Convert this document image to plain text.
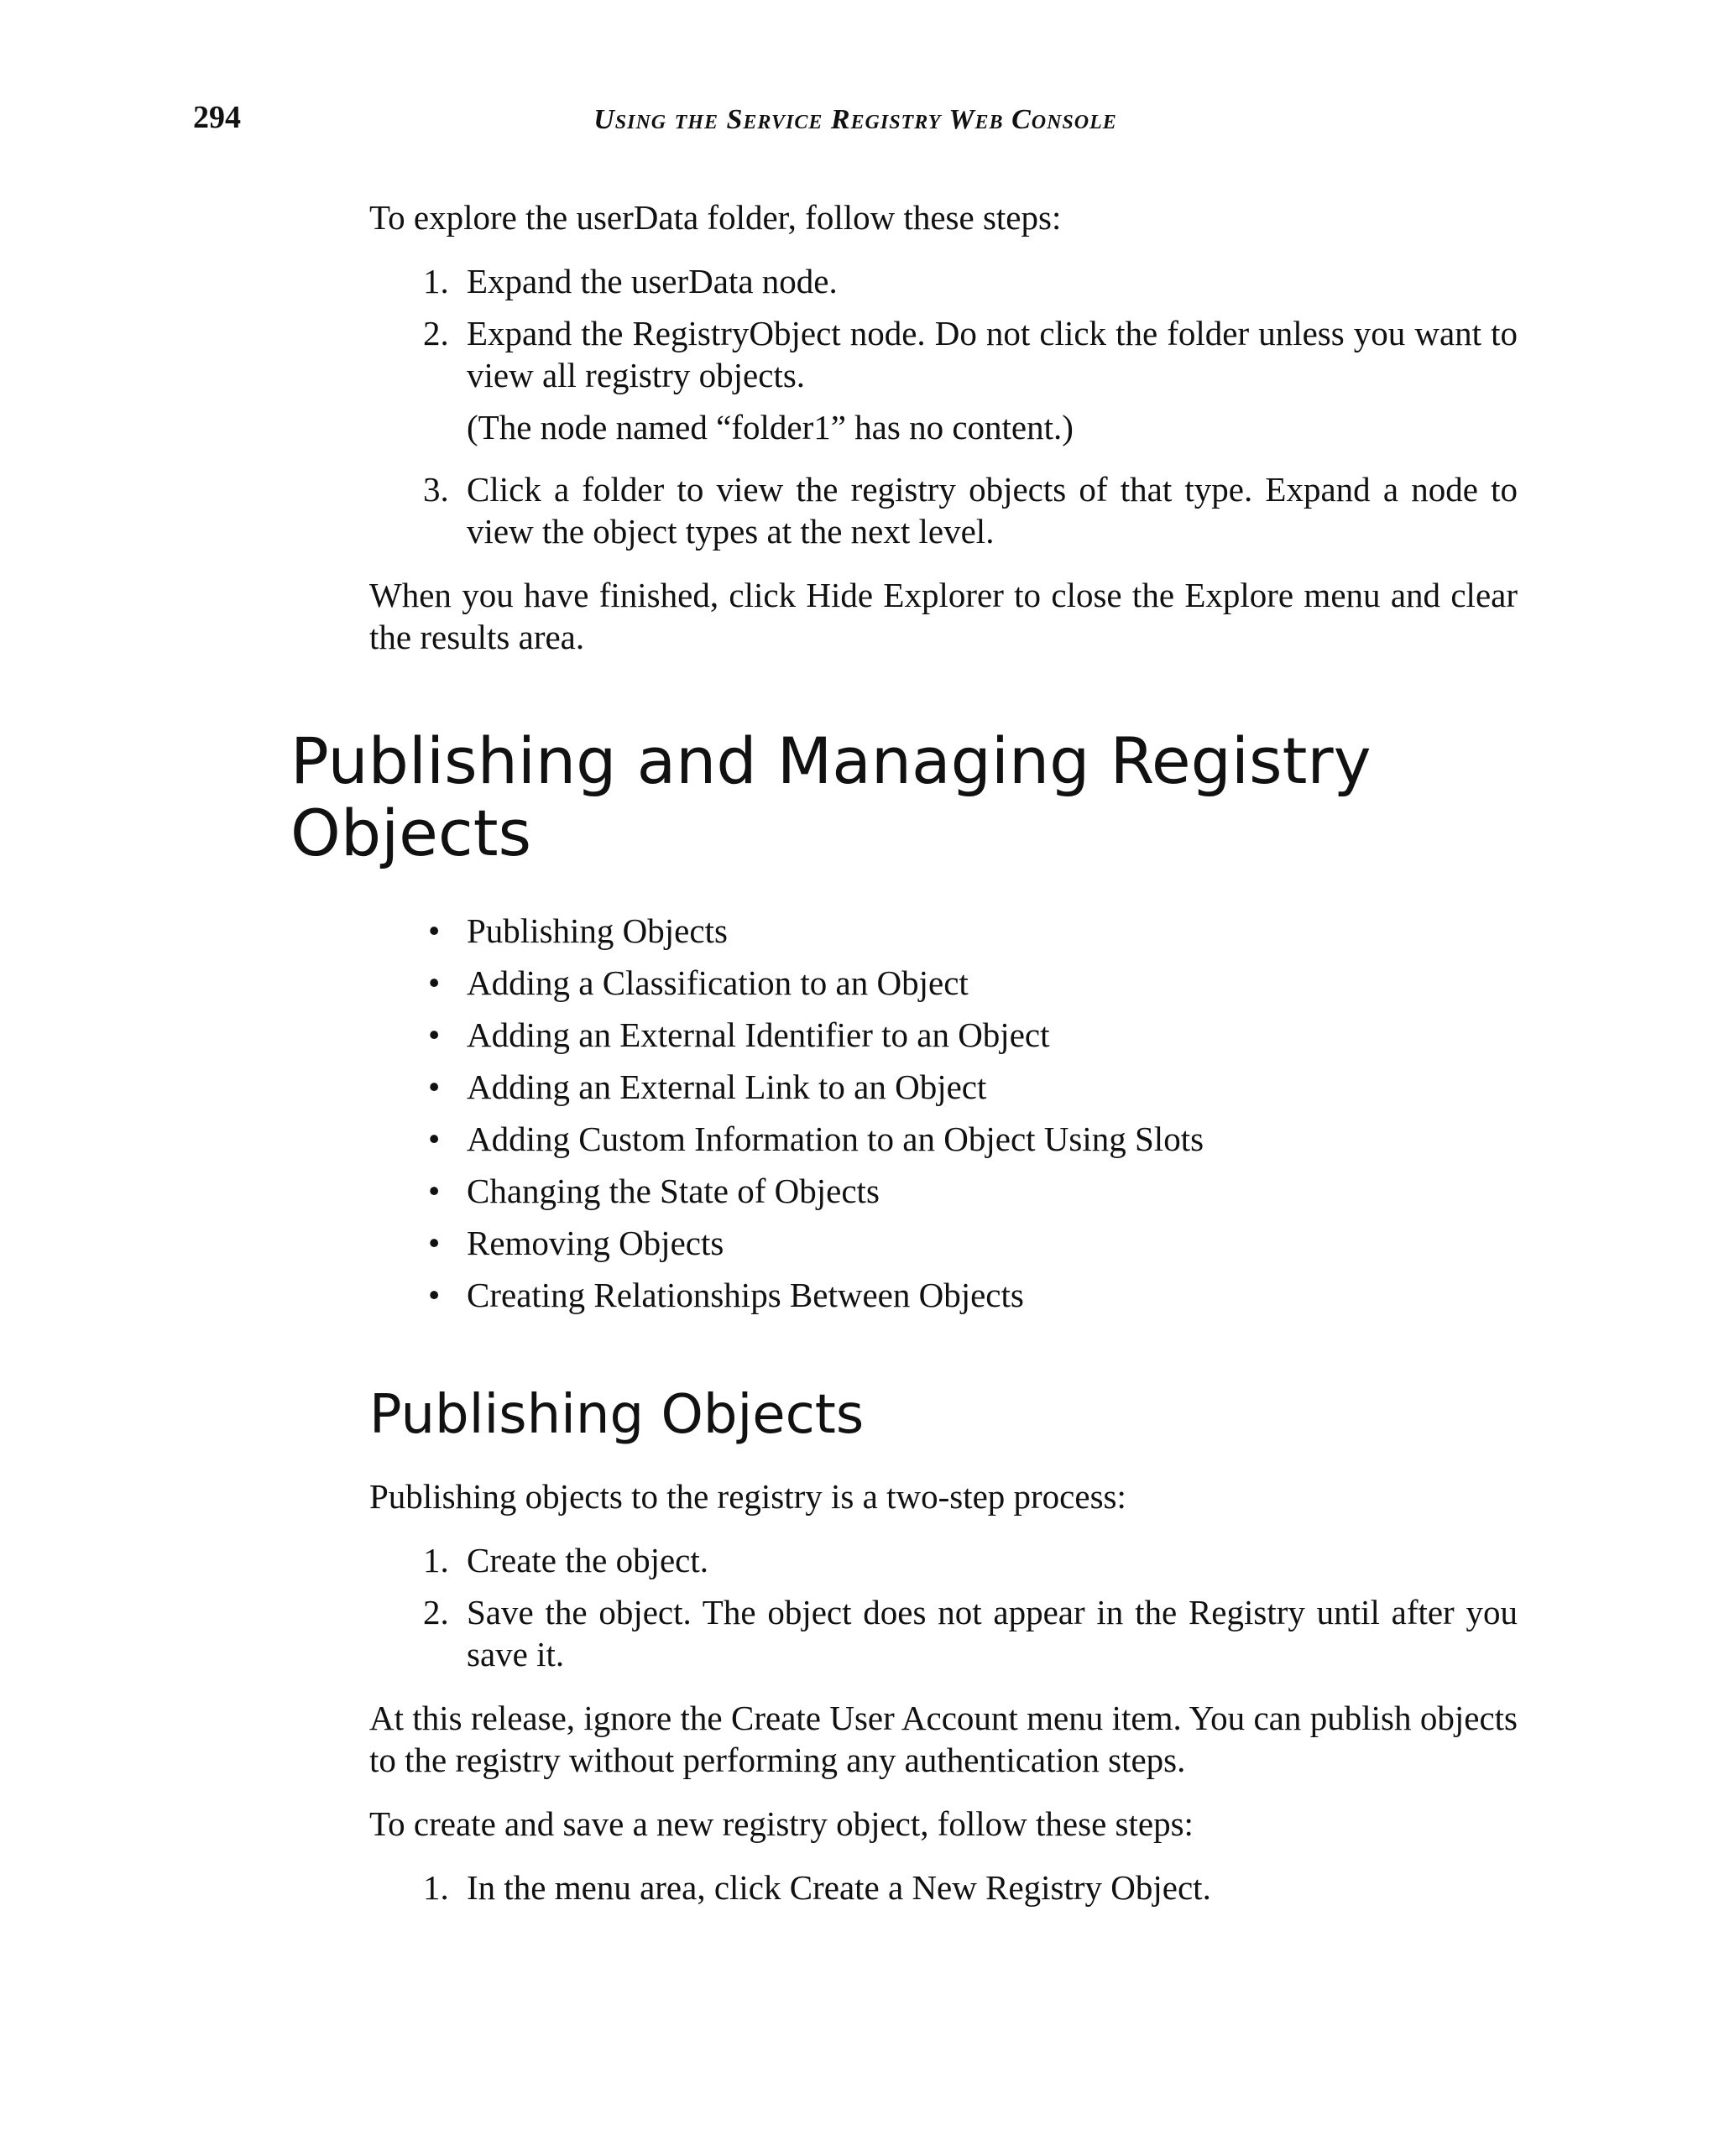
294	Using the Service Registry Web Console

To explore the userData folder, follow these steps:

1. Expand the userData node.
2. Expand the RegistryObject node. Do not click the folder unless you want to view all registry objects.
(The node named “folder1” has no content.)
3. Click a folder to view the registry objects of that type. Expand a node to view the object types at the next level.

When you have finished, click Hide Explorer to close the Explore menu and clear the results area.

Publishing and Managing Registry Objects
• Publishing Objects
• Adding a Classification to an Object
• Adding an External Identifier to an Object
• Adding an External Link to an Object
• Adding Custom Information to an Object Using Slots
• Changing the State of Objects
• Removing Objects
• Creating Relationships Between Objects
Publishing Objects

Publishing objects to the registry is a two-step process:

1. Create the object.
2. Save the object. The object does not appear in the Registry until after you save it.

At this release, ignore the Create User Account menu item. You can publish objects to the registry without performing any authentication steps.

To create and save a new registry object, follow these steps:

1. In the menu area, click Create a New Registry Object.
